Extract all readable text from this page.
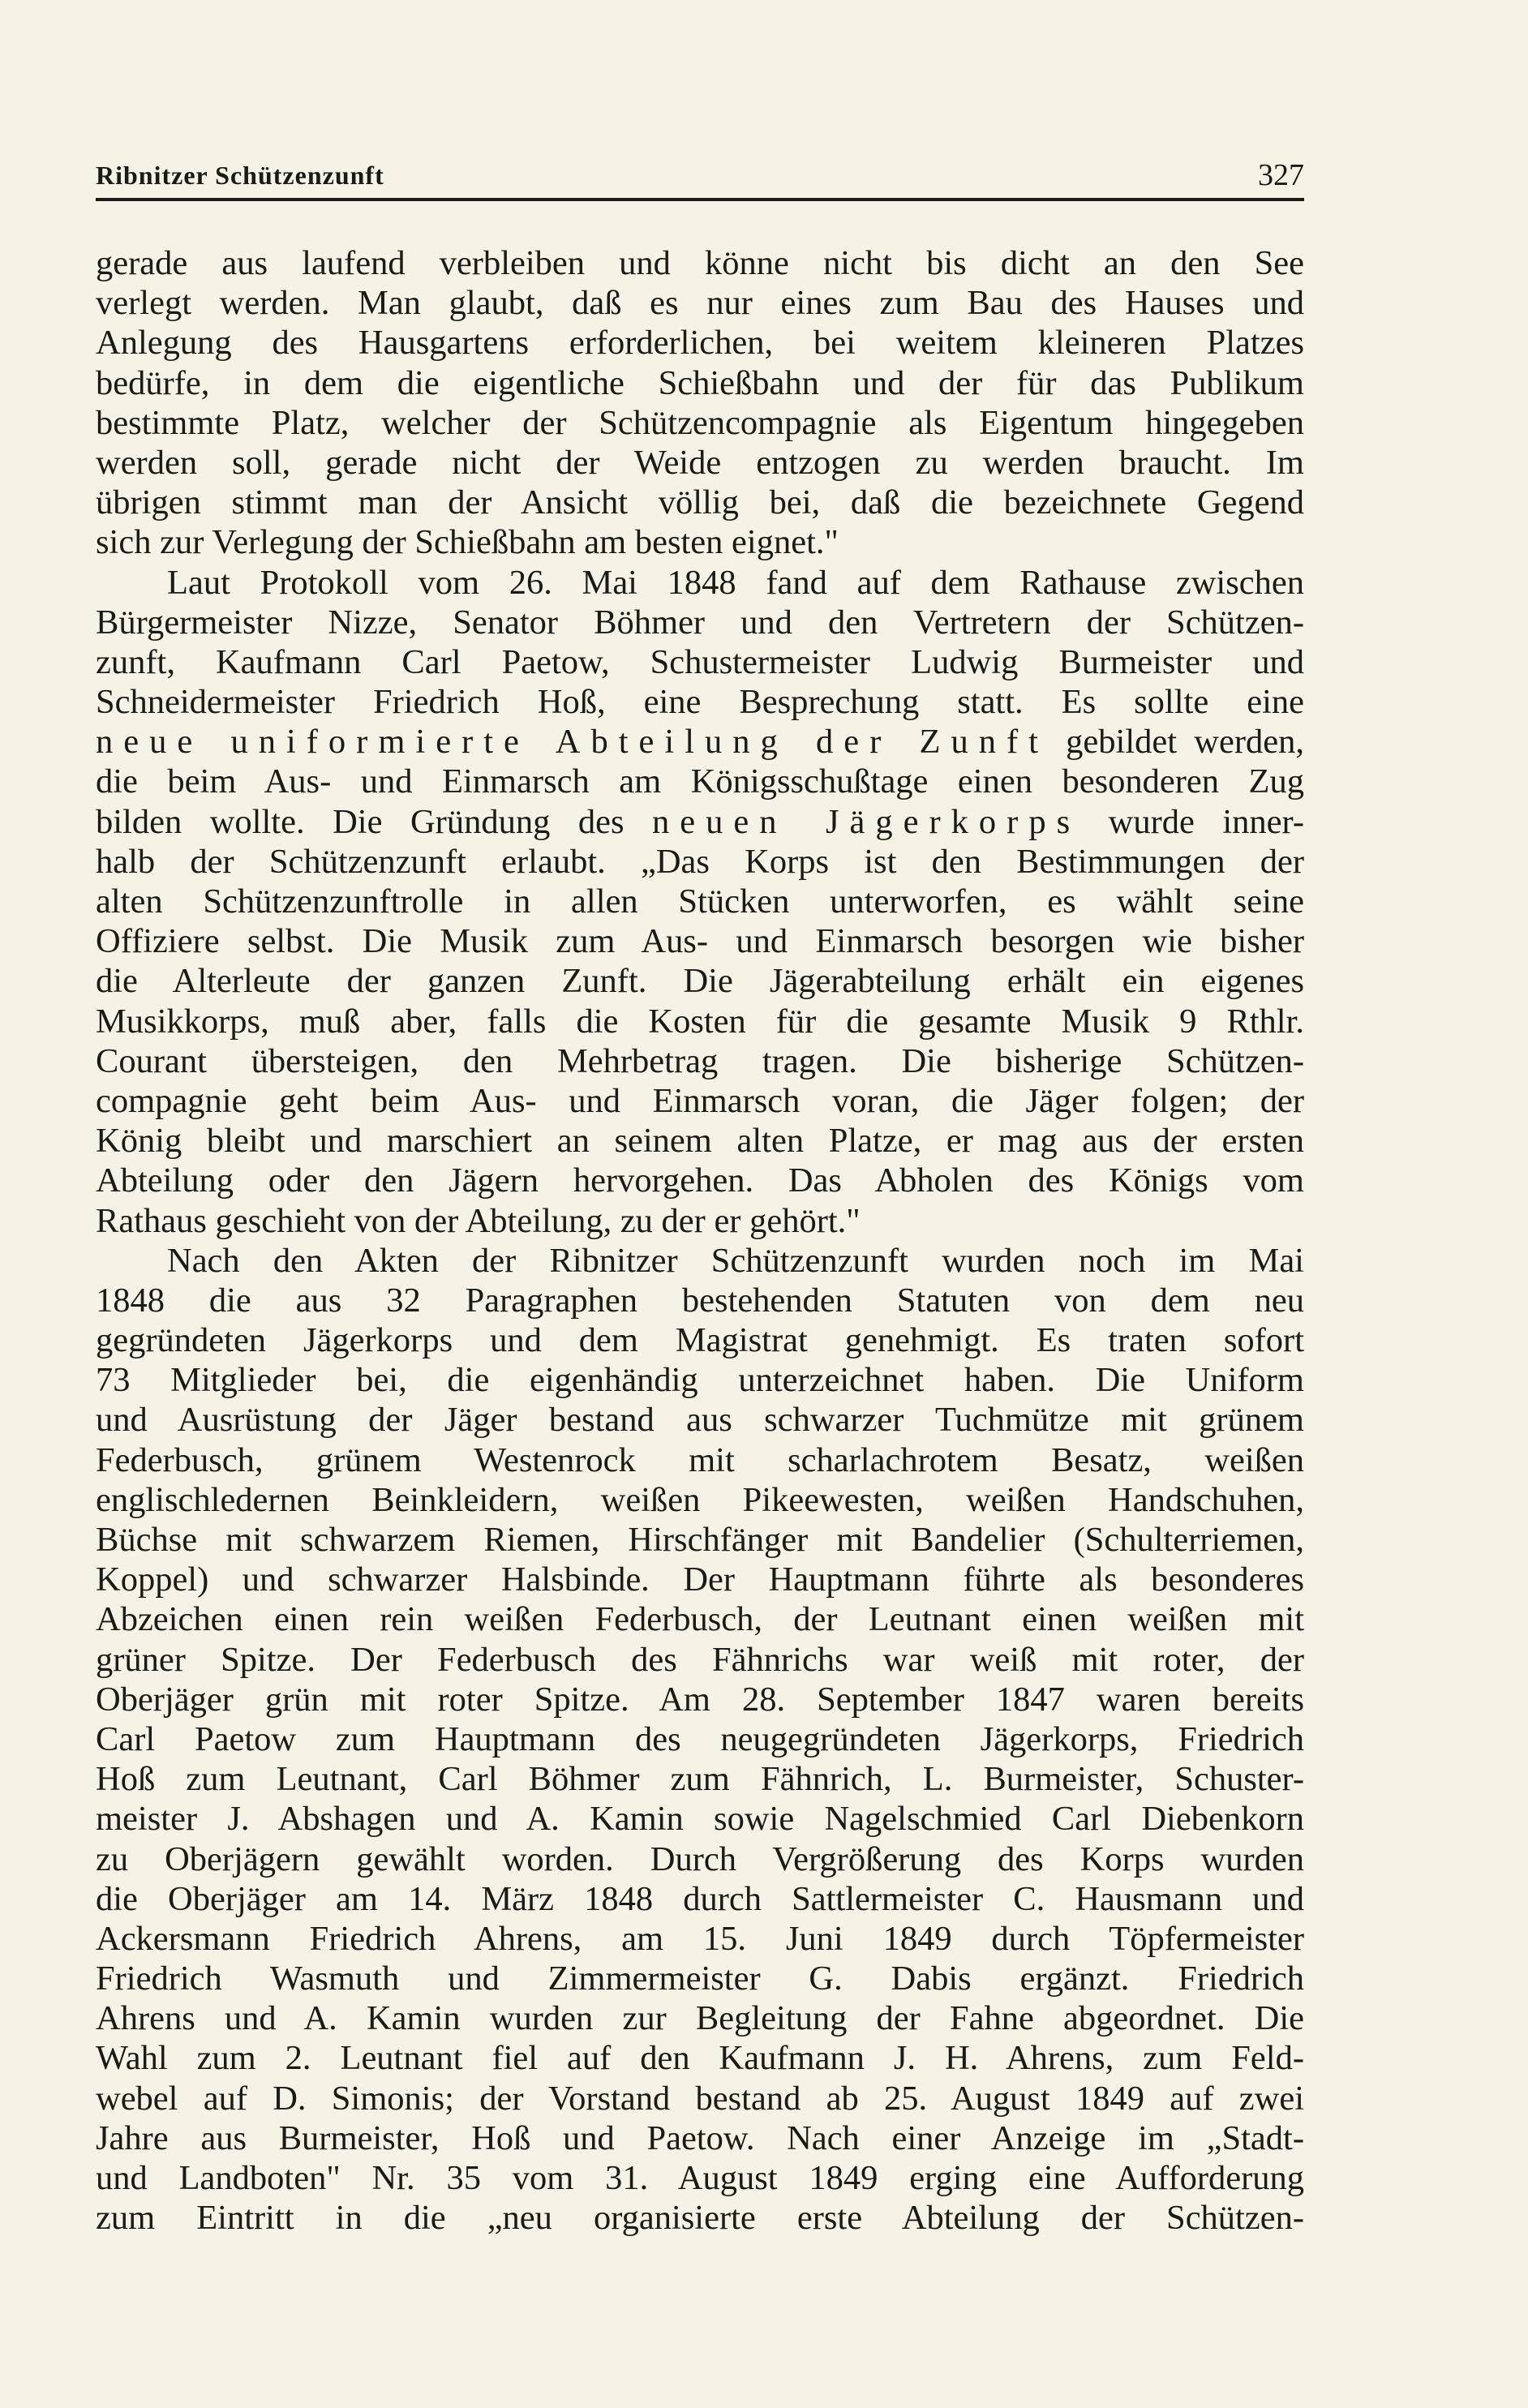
Ribnitzer Schützenzunft	327
gerade aus laufend verbleiben und könne nicht bis dicht an den See
verlegt werden. Man glaubt, daß es nur eines zum Bau des Hauses und
Anlegung des Hausgartens erforderlichen, bei weitem kleineren Platzes
bedürfe, in dem die eigentliche Schießbahn und der für das Publikum
bestimmte Platz, welcher der Schützencompagnie als Eigentum hingegeben
werden soll, gerade nicht der Weide entzogen zu werden braucht. Im
übrigen stimmt man der Ansicht völlig bei, daß die bezeichnete Gegend
sich zur Verlegung der Schießbahn am besten eignet."
Laut Protokoll vom 26. Mai 1848 fand auf dem Rathause zwischen
Bürgermeister Nizze, Senator Böhmer und den Vertretern der Schützen-
zunft, Kaufmann Carl Paetow, Schustermeister Ludwig Burmeister und
Schneidermeister Friedrich Hoß, eine Besprechung statt. Es sollte eine
neue uniformierte Abteilung der Zunft gebildet werden,
die beim Aus- und Einmarsch am Königsschußtage einen besonderen Zug
bilden wollte. Die Gründung des neuen Jägerkorps wurde inner-
halb der Schützenzunft erlaubt. „Das Korps ist den Bestimmungen der
alten Schützenzunftrolle in allen Stücken unterworfen, es wählt seine
Offiziere selbst. Die Musik zum Aus- und Einmarsch besorgen wie bisher
die Alterleute der ganzen Zunft. Die Jägerabteilung erhält ein eigenes
Musikkorps, muß aber, falls die Kosten für die gesamte Musik 9 Rthlr.
Courant übersteigen, den Mehrbetrag tragen. Die bisherige Schützen-
compagnie geht beim Aus- und Einmarsch voran, die Jäger folgen; der
König bleibt und marschiert an seinem alten Platze, er mag aus der ersten
Abteilung oder den Jägern hervorgehen. Das Abholen des Königs vom
Rathaus geschieht von der Abteilung, zu der er gehört."
Nach den Akten der Ribnitzer Schützenzunft wurden noch im Mai
1848 die aus 32 Paragraphen bestehenden Statuten von dem neu
gegründeten Jägerkorps und dem Magistrat genehmigt. Es traten sofort
73 Mitglieder bei, die eigenhändig unterzeichnet haben. Die Uniform
und Ausrüstung der Jäger bestand aus schwarzer Tuchmütze mit grünem
Federbusch, grünem Westenrock mit scharlachrotem Besatz, weißen
englischledernen Beinkleidern, weißen Pikeewesten, weißen Handschuhen,
Büchse mit schwarzem Riemen, Hirschfänger mit Bandelier (Schulterriemen,
Koppel) und schwarzer Halsbinde. Der Hauptmann führte als besonderes
Abzeichen einen rein weißen Federbusch, der Leutnant einen weißen mit
grüner Spitze. Der Federbusch des Fähnrichs war weiß mit roter, der
Oberjäger grün mit roter Spitze. Am 28. September 1847 waren bereits
Carl Paetow zum Hauptmann des neugegründeten Jägerkorps, Friedrich
Hoß zum Leutnant, Carl Böhmer zum Fähnrich, L. Burmeister, Schuster-
meister J. Abshagen und A. Kamin sowie Nagelschmied Carl Diebenkorn
zu Oberjägern gewählt worden. Durch Vergrößerung des Korps wurden
die Oberjäger am 14. März 1848 durch Sattlermeister C. Hausmann und
Ackersmann Friedrich Ahrens, am 15. Juni 1849 durch Töpfermeister
Friedrich Wasmuth und Zimmermeister G. Dabis ergänzt. Friedrich
Ahrens und A. Kamin wurden zur Begleitung der Fahne abgeordnet. Die
Wahl zum 2. Leutnant fiel auf den Kaufmann J. H. Ahrens, zum Feld-
webel auf D. Simonis; der Vorstand bestand ab 25. August 1849 auf zwei
Jahre aus Burmeister, Hoß und Paetow. Nach einer Anzeige im „Stadt-
und Landboten" Nr. 35 vom 31. August 1849 erging eine Aufforderung
zum Eintritt in die „neu organisierte erste Abteilung der Schützen-
